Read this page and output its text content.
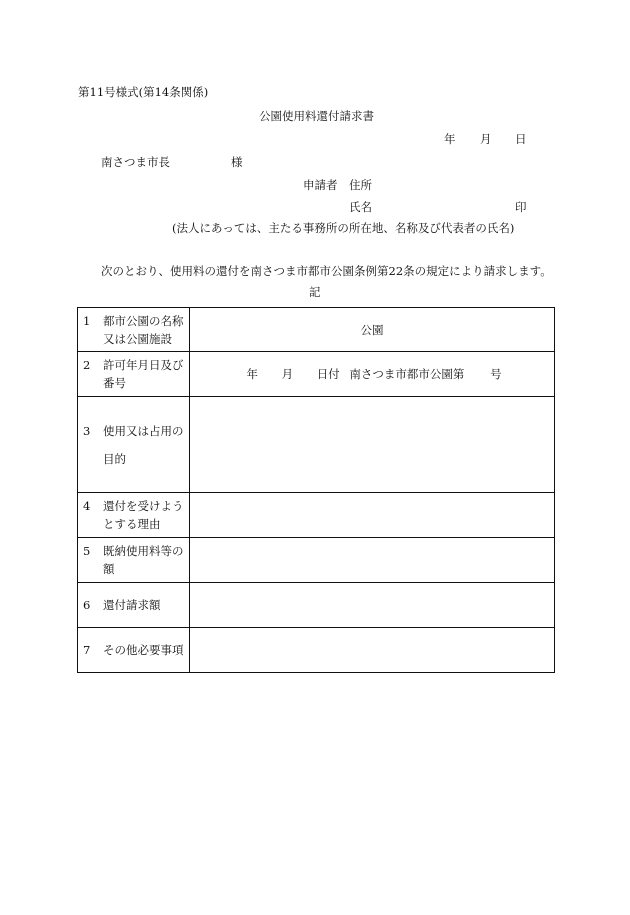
第11号様式(第14条関係)
公園使用料還付請求書
年 月 日
南さつま市長	様
申請者 住所
氏名	印
(法人にあっては、主たる事務所の所在地、名称及び代表者の氏名)
次のとおり、使用料の還付を南さつま市都市公園条例第22条の規定により請求します。
記
1 都市公園の名称又は公園施設	公園

2 許可年月日及び番号	年 月 日付 南さつま市都市公園第 号

3 使用又は占用の目的	

4 還付を受けようとする理由	

5 既納使用料等の額	

6 還付請求額	

7 その他必要事項	
